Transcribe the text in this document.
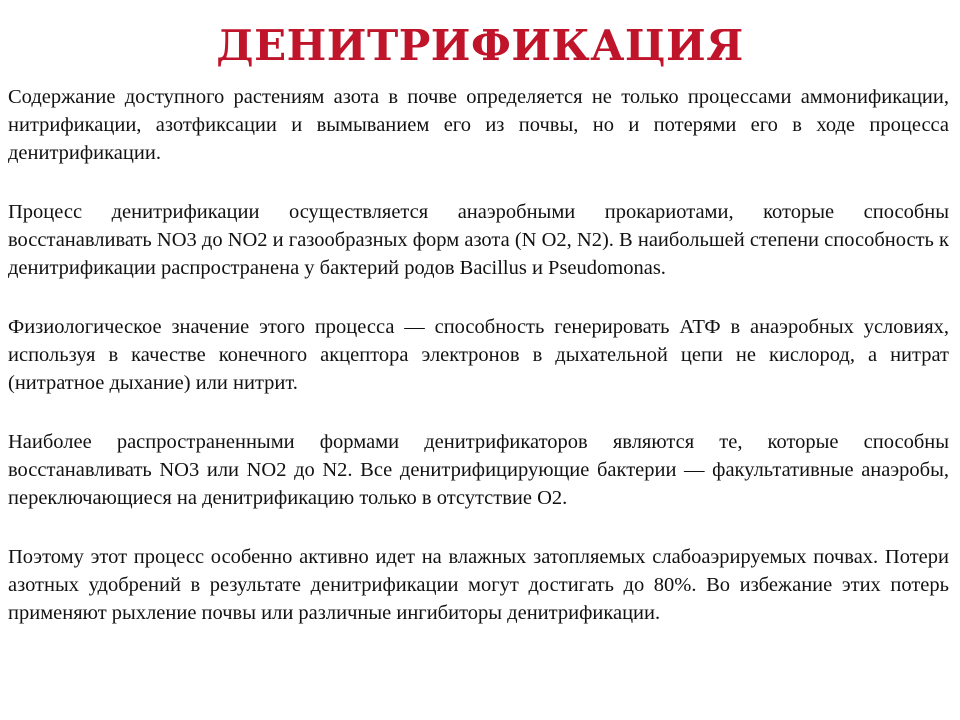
ДЕНИТРИФИКАЦИЯ

Содержание доступного растениям азота в почве определяется не только процессами аммонификации, нитрификации, азотфиксации и вымыванием его из почвы, но и потерями его в ходе процесса денитрификации.

Процесс денитрификации осуществляется анаэробными прокариотами, которые способны восстанавливать NO3 до NO2 и газообразных форм азота (N O2, N2). В наибольшей степени способность к денитрификации распространена у бактерий родов Bacillus и Pseudomonas.

Физиологическое значение этого процесса — способность генерировать АТФ в анаэробных условиях, используя в качестве конечного акцептора электронов в дыхательной цепи не кислород, а нитрат (нитратное дыхание) или нитрит.

Наиболее распространенными формами денитрификаторов являются те, которые способны восстанавливать NO3 или NO2 до N2. Все денитрифицирующие бактерии — факультативные анаэробы, переключающиеся на денитрификацию только в отсутствие O2.

Поэтому этот процесс особенно активно идет на влажных затопляемых слабоаэрируемых почвах. Потери азотных удобрений в результате денитрификации могут достигать до 80%. Во избежание этих потерь применяют рыхление почвы или различные ингибиторы денитрификации.
